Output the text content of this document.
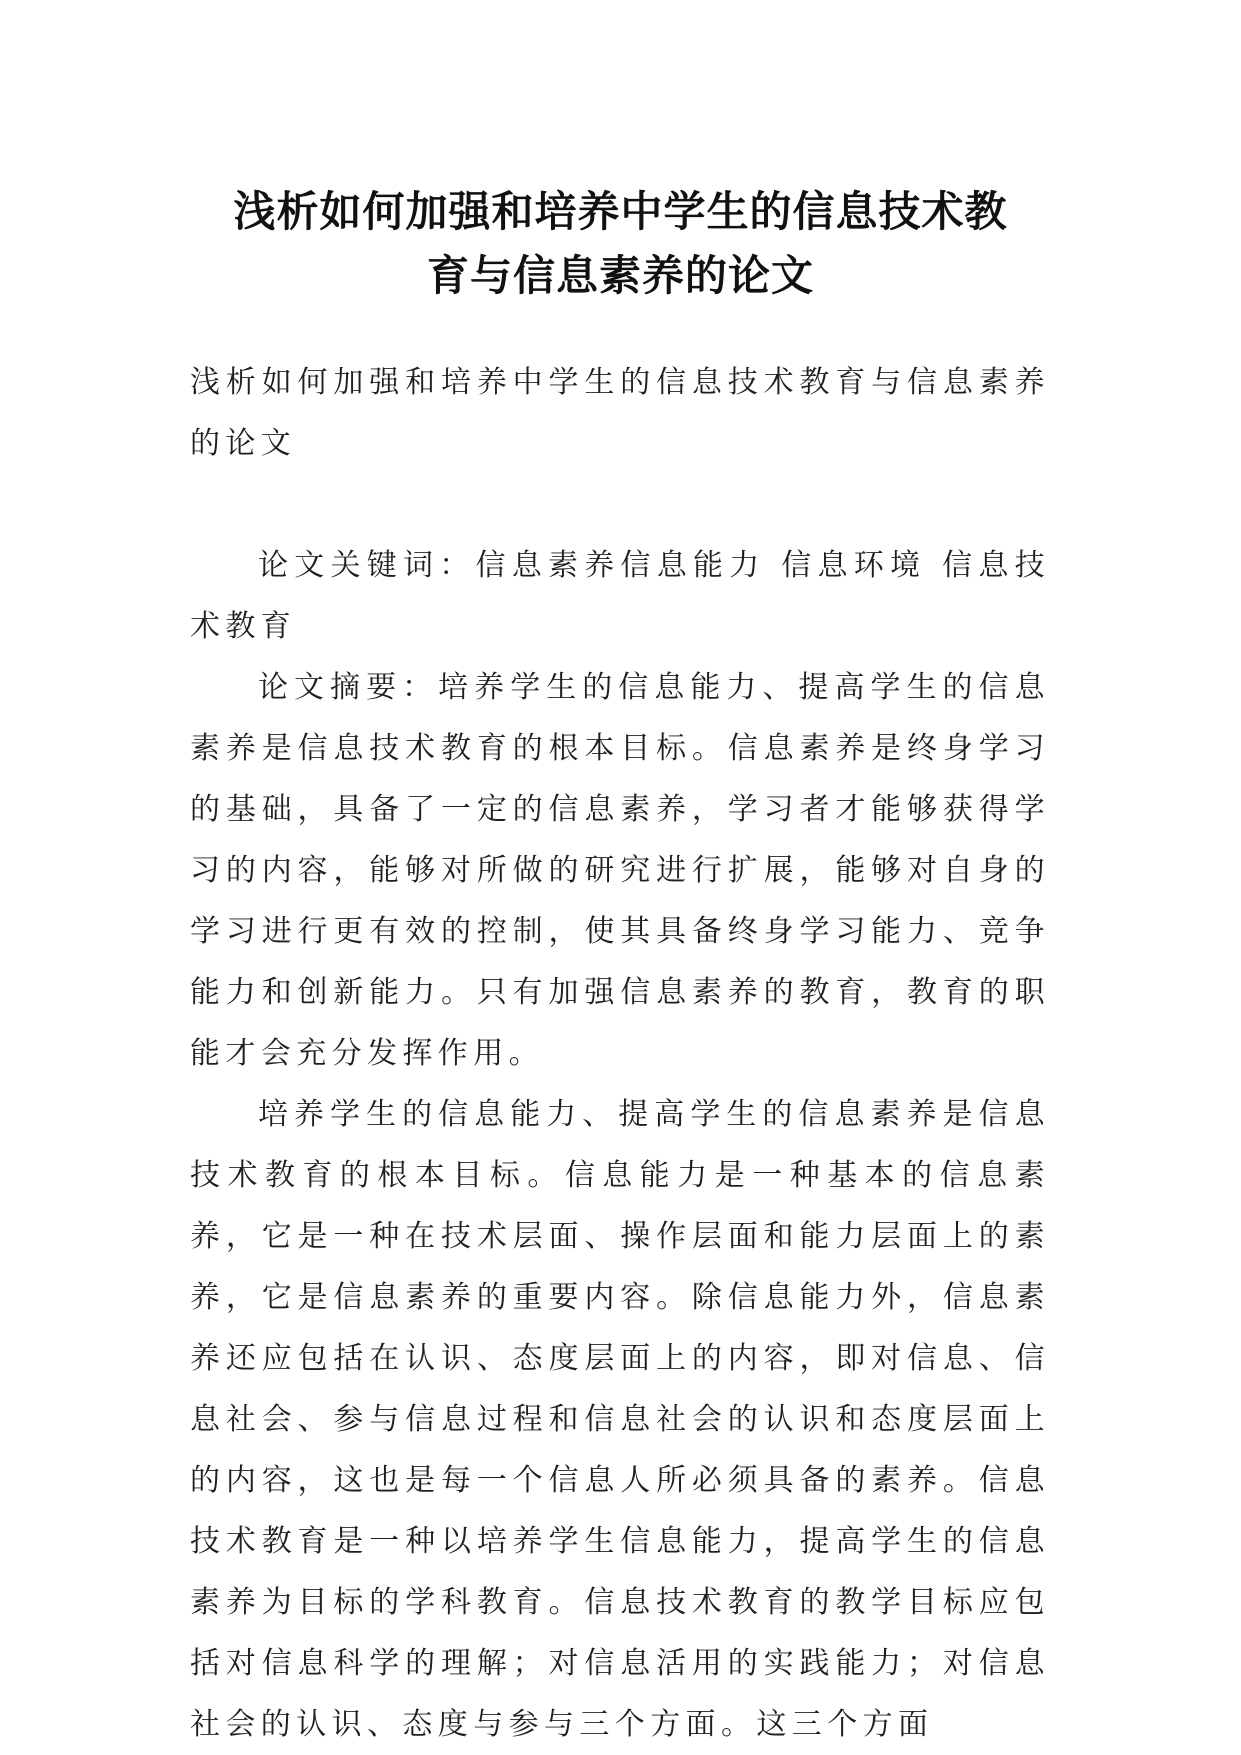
浅析如何加强和培养中学生的信息技术教
育与信息素养的论文

浅析如何加强和培养中学生的信息技术教育与信息素养的论文

论文关键词：信息素养信息能力 信息环境 信息技术教育

论文摘要：培养学生的信息能力、提高学生的信息素养是信息技术教育的根本目标。信息素养是终身学习的基础，具备了一定的信息素养，学习者才能够获得学习的内容，能够对所做的研究进行扩展，能够对自身的学习进行更有效的控制，使其具备终身学习能力、竞争能力和创新能力。只有加强信息素养的教育，教育的职能才会充分发挥作用。

培养学生的信息能力、提高学生的信息素养是信息技术教育的根本目标。信息能力是一种基本的信息素养，它是一种在技术层面、操作层面和能力层面上的素养，它是信息素养的重要内容。除信息能力外，信息素养还应包括在认识、态度层面上的内容，即对信息、信息社会、参与信息过程和信息社会的认识和态度层面上的内容，这也是每一个信息人所必须具备的素养。信息技术教育是一种以培养学生信息能力，提高学生的信息素养为目标的学科教育。信息技术教育的教学目标应包括对信息科学的理解；对信息活用的实践能力；对信息社会的认识、态度与参与三个方面。这三个方面
